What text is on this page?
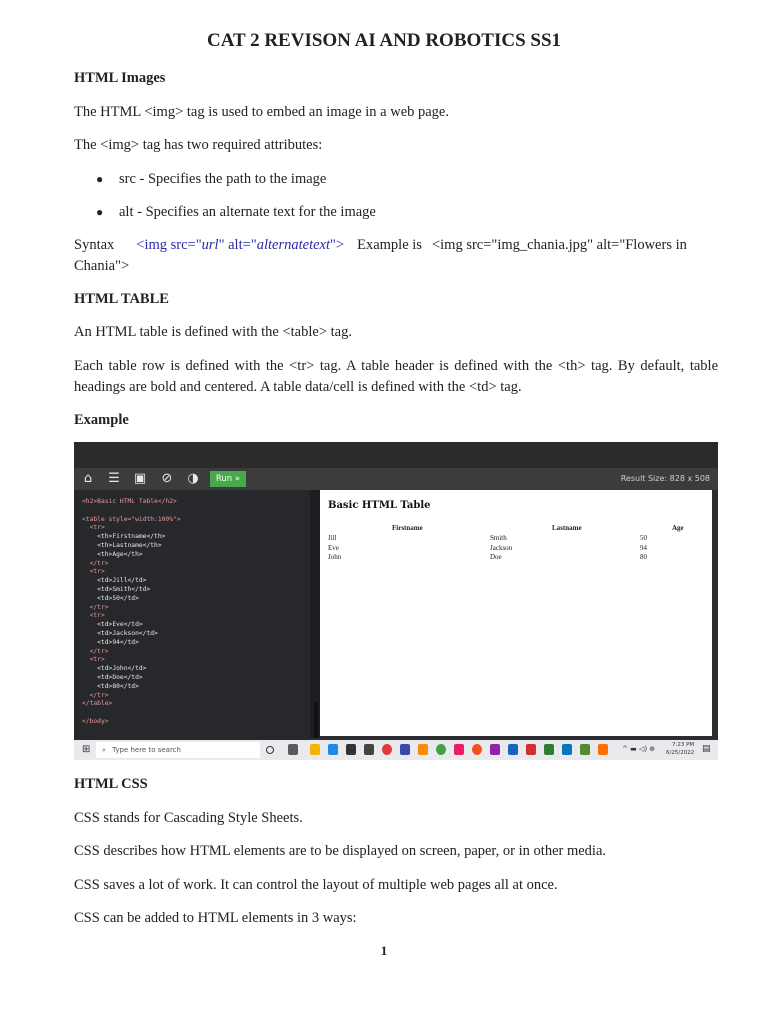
CAT 2 REVISON AI AND ROBOTICS SS1

HTML Images

The HTML <img> tag is used to embed an image in a web page.

The <img> tag has two required attributes:

● src - Specifies the path to the image

● alt - Specifies an alternate text for the image

Syntax <img src="url" alt="alternatetext"> Example is <img src="img_chania.jpg" alt="Flowers in

Chania">

HTML TABLE

An HTML table is defined with the <table> tag.

Each table row is defined with the <tr> tag. A table header is defined with the <th> tag. By default, table

headings are bold and centered. A table data/cell is defined with the <td> tag.

Example

⌂	☰ ▣ ⊘ ◑	Run »	Result Size: 828 x 508
<h2>Basic HTML Table</h2>

<table style="width:100%">
<tr>
<th>Firstname</th>
<th>Lastname</th>
<th>Age</th>
</tr>
<tr>
<td>Jill</td>
<td>Smith</td>
<td>50</td>
</tr>
<tr>
<td>Eve</td>
<td>Jackson</td>
<td>94</td>
</tr>
<tr>
<td>John</td>
<td>Doe</td>
<td>80</td>
</tr>
</table>

</body>
Basic HTML Table
Firstname	Lastname	Age
Jill	Smith	50
Eve	Jackson	94
John	Doe	80
⊞	⌕ Type here to search	^ ▬ ◁) ⊕	7:23 PM
6/25/2022 ▤

HTML CSS

CSS stands for Cascading Style Sheets.

CSS describes how HTML elements are to be displayed on screen, paper, or in other media.

CSS saves a lot of work. It can control the layout of multiple web pages all at once.

CSS can be added to HTML elements in 3 ways:

1
